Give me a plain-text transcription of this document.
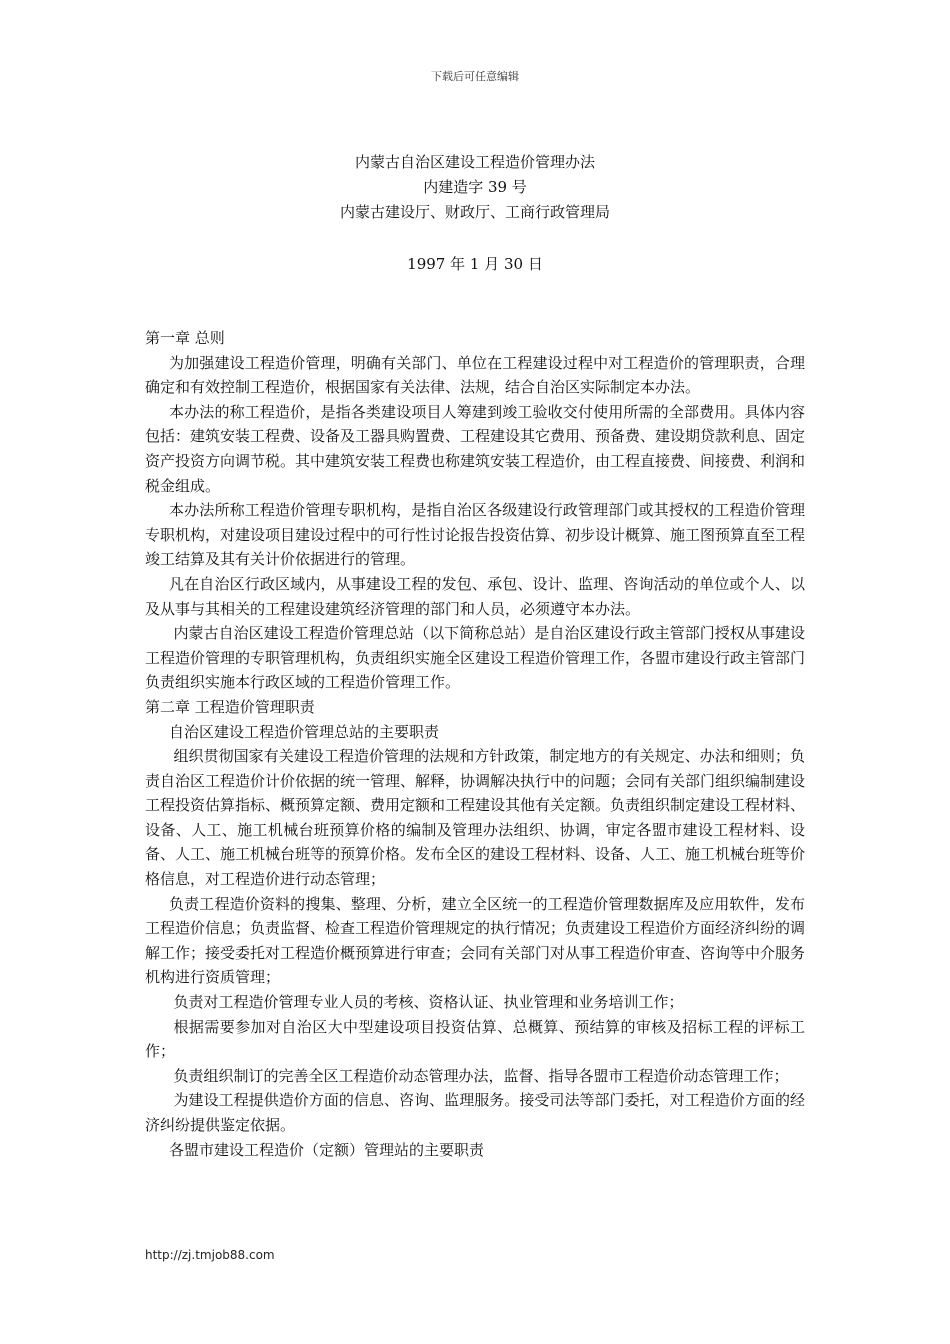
下载后可任意编辑
内蒙古自治区建设工程造价管理办法
内建造字 39 号
内蒙古建设厅、财政厅、工商行政管理局
1997 年 1 月 30 日

第一章 总则

为加强建设工程造价管理，明确有关部门、单位在工程建设过程中对工程造价的管理职责，合理确定和有效控制工程造价，根据国家有关法律、法规，结合自治区实际制定本办法。

本办法的称工程造价，是指各类建设项目人筹建到竣工验收交付使用所需的全部费用。具体内容包括：建筑安装工程费、设备及工器具购置费、工程建设其它费用、预备费、建设期贷款利息、固定资产投资方向调节税。其中建筑安装工程费也称建筑安装工程造价，由工程直接费、间接费、利润和税金组成。

本办法所称工程造价管理专职机构，是指自治区各级建设行政管理部门或其授权的工程造价管理专职机构，对建设项目建设过程中的可行性讨论报告投资估算、初步设计概算、施工图预算直至工程竣工结算及其有关计价依据进行的管理。

凡在自治区行政区域内，从事建设工程的发包、承包、设计、监理、咨询活动的单位或个人、以及从事与其相关的工程建设建筑经济管理的部门和人员，必须遵守本办法。

内蒙古自治区建设工程造价管理总站（以下简称总站）是自治区建设行政主管部门授权从事建设工程造价管理的专职管理机构，负责组织实施全区建设工程造价管理工作，各盟市建设行政主管部门负责组织实施本行政区域的工程造价管理工作。

第二章 工程造价管理职责

自治区建设工程造价管理总站的主要职责

组织贯彻国家有关建设工程造价管理的法规和方针政策，制定地方的有关规定、办法和细则；负责自治区工程造价计价依据的统一管理、解释，协调解决执行中的问题；会同有关部门组织编制建设工程投资估算指标、概预算定额、费用定额和工程建设其他有关定额。负责组织制定建设工程材料、设备、人工、施工机械台班预算价格的编制及管理办法组织、协调，审定各盟市建设工程材料、设备、人工、施工机械台班等的预算价格。发布全区的建设工程材料、设备、人工、施工机械台班等价格信息，对工程造价进行动态管理；

负责工程造价资料的搜集、整理、分析，建立全区统一的工程造价管理数据库及应用软件，发布工程造价信息；负责监督、检查工程造价管理规定的执行情况；负责建设工程造价方面经济纠纷的调解工作；接受委托对工程造价概预算进行审查；会同有关部门对从事工程造价审查、咨询等中介服务机构进行资质管理；

负责对工程造价管理专业人员的考核、资格认证、执业管理和业务培训工作；

根据需要参加对自治区大中型建设项目投资估算、总概算、预结算的审核及招标工程的评标工作；

负责组织制订的完善全区工程造价动态管理办法，监督、指导各盟市工程造价动态管理工作；

为建设工程提供造价方面的信息、咨询、监理服务。接受司法等部门委托，对工程造价方面的经济纠纷提供鉴定依据。

各盟市建设工程造价（定额）管理站的主要职责

http://zj.tmjob88.com
